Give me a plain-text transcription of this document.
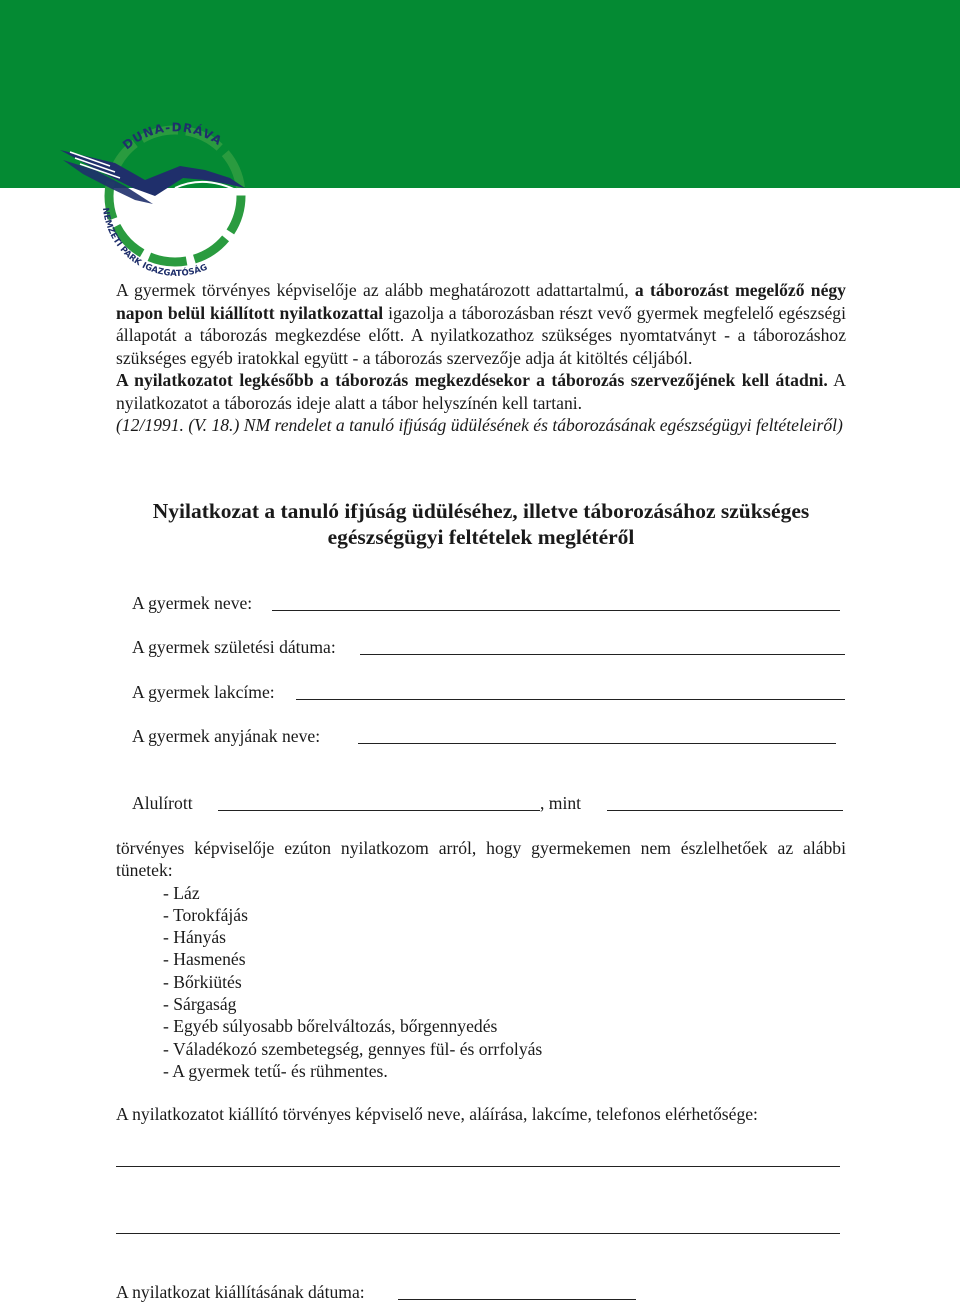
DUNA-DRÁVA
NEMZETI PARK IGAZGATÓSÁG

A gyermek törvényes képviselője az alább meghatározott adattartalmú, a táborozást megelőző négy napon belül kiállított nyilatkozattal igazolja a táborozásban részt vevő gyermek megfelelő egészségi állapotát a táborozás megkezdése előtt. A nyilatkozathoz szükséges nyomtatványt - a táborozáshoz szükséges egyéb iratokkal együtt - a táborozás szervezője adja át kitöltés céljából.

A nyilatkozatot legkésőbb a táborozás megkezdésekor a táborozás szervezőjének kell átadni. A nyilatkozatot a táborozás ideje alatt a tábor helyszínén kell tartani.

(12/1991. (V. 18.) NM rendelet a tanuló ifjúság üdülésének és táborozásának egészségügyi feltételeiről)

Nyilatkozat a tanuló ifjúság üdüléséhez, illetve táborozásához szükséges
egészségügyi feltételek meglétéről
A gyermek neve:
A gyermek születési dátuma:
A gyermek lakcíme:
A gyermek anyjának neve:
Alulírott	, mint

törvényes képviselője ezúton nyilatkozom arról, hogy gyermekemen nem észlelhetőek az alábbi tünetek:

- Láz
- Torokfájás
- Hányás
- Hasmenés
- Bőrkiütés
- Sárgaság
- Egyéb súlyosabb bőrelváltozás, bőrgennyedés
- Váladékozó szembetegség, gennyes fül- és orrfolyás
- A gyermek tetű- és rühmentes.
A nyilatkozatot kiállító törvényes képviselő neve, aláírása, lakcíme, telefonos elérhetősége:
A nyilatkozat kiállításának dátuma:
